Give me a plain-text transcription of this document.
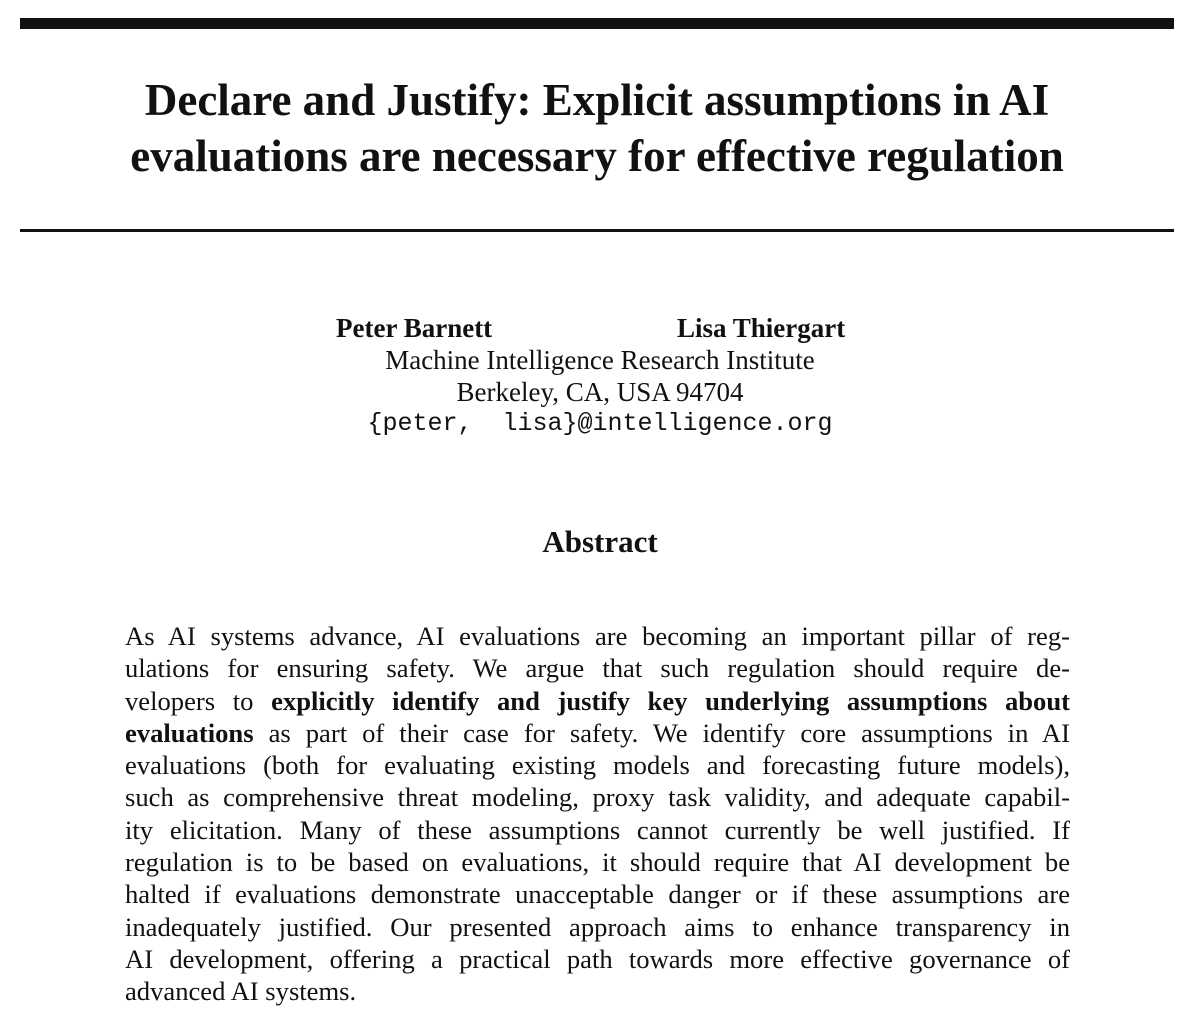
Declare and Justify: Explicit assumptions in AI
evaluations are necessary for effective regulation
Peter Barnett	Lisa Thiergart
Machine Intelligence Research Institute
Berkeley, CA, USA 94704
{peter,  lisa}@intelligence.org
Abstract
As AI systems advance, AI evaluations are becoming an important pillar of reg-
ulations for ensuring safety. We argue that such regulation should require de-
velopers to explicitly identify and justify key underlying assumptions about
evaluations as part of their case for safety. We identify core assumptions in AI
evaluations (both for evaluating existing models and forecasting future models),
such as comprehensive threat modeling, proxy task validity, and adequate capabil-
ity elicitation. Many of these assumptions cannot currently be well justified. If
regulation is to be based on evaluations, it should require that AI development be
halted if evaluations demonstrate unacceptable danger or if these assumptions are
inadequately justified. Our presented approach aims to enhance transparency in
AI development, offering a practical path towards more effective governance of
advanced AI systems.
